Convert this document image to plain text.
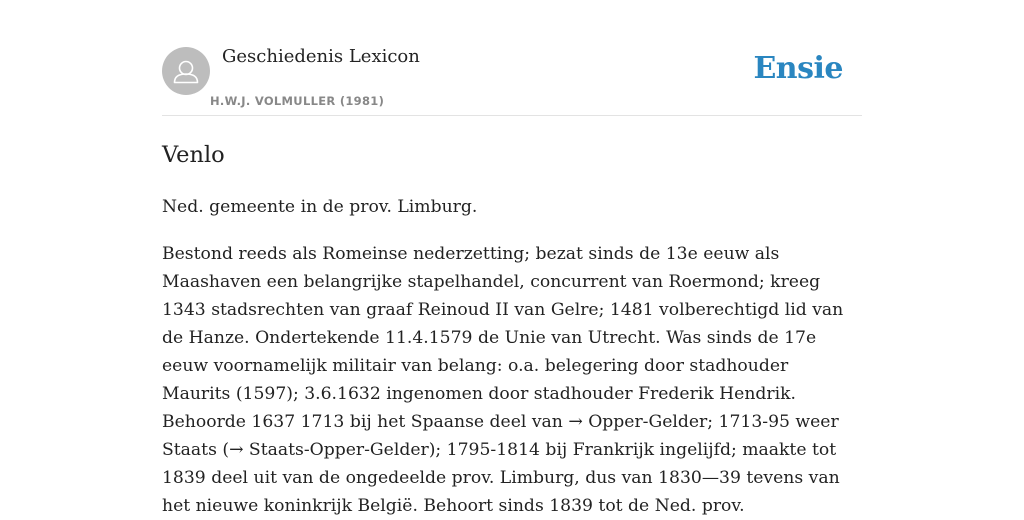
Geschiedenis Lexicon
H.W.J. VOLMULLER (1981)
Ensie
Venlo

Ned. gemeente in de prov. Limburg.

Bestond reeds als Romeinse nederzetting; bezat sinds de 13e eeuw als Maashaven een belangrijke stapelhandel, concurrent van Roermond; kreeg 1343 stadsrechten van graaf Reinoud II van Gelre; 1481 volberechtigd lid van de Hanze. Ondertekende 11.4.1579 de Unie van Utrecht. Was sinds de 17e eeuw voornamelijk militair van belang: o.a. belegering door stadhouder Maurits (1597); 3.6.1632 ingenomen door stadhouder Frederik Hendrik. Behoorde 1637 1713 bij het Spaanse deel van → Opper-Gelder; 1713-95 weer Staats (→ Staats-Opper-Gelder); 1795-1814 bij Frankrijk ingelijfd; maakte tot 1839 deel uit van de ongedeelde prov. Limburg, dus van 1830—39 tevens van het nieuwe koninkrijk België. Behoort sinds 1839 tot de Ned. prov.
